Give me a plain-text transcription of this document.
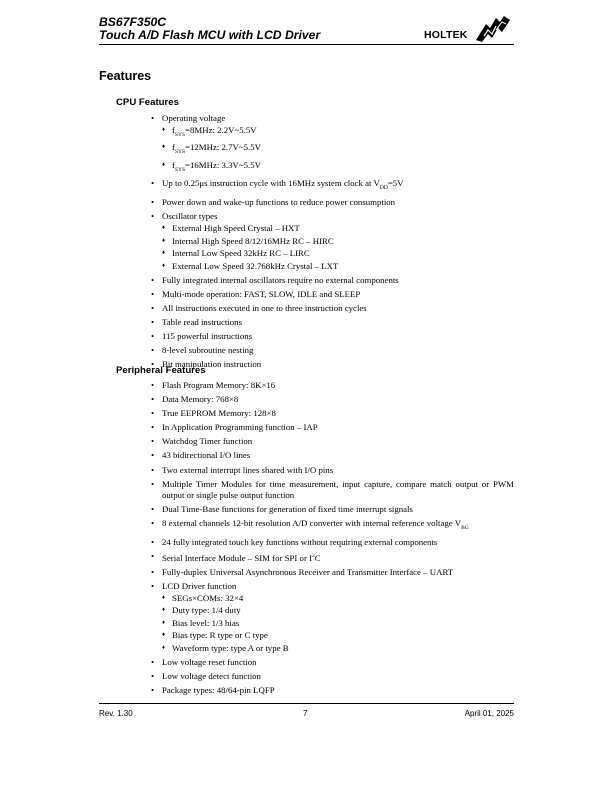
BS67F350C
Touch A/D Flash MCU with LCD Driver	HOLTEK
Features
CPU Features
• Operating voltage
♦ $f_{SYS}=8MHz$: 2.2V~5.5V
♦ $f_{SYS}=12MHz$: 2.7V~5.5V
♦ $f_{SYS}=16MHz$: 3.3V~5.5V
• Up to 0.25μs instruction cycle with 16MHz system clock at $V_{DD}=5V$
• Power down and wake-up functions to reduce power consumption
• Oscillator types
♦ External High Speed Crystal – HXT
♦ Internal High Speed 8/12/16MHz RC – HIRC
♦ Internal Low Speed 32kHz RC – LIRC
♦ External Low Speed 32.768kHz Crystal – LXT
• Fully integrated internal oscillators require no external components
• Multi-mode operation: FAST, SLOW, IDLE and SLEEP
• All instructions executed in one to three instruction cycles
• Table read instructions
• 115 powerful instructions
• 8-level subroutine nesting
• Bit manipulation instruction
Peripheral Features
• Flash Program Memory: 8K×16
• Data Memory: 768×8
• True EEPROM Memory: 128×8
• In Application Programming function – IAP
• Watchdog Timer function
• 43 bidirectional I/O lines
• Two external interrupt lines shared with I/O pins
• Multiple Timer Modules for time measurement, input capture, compare match output or PWM output or single pulse output function
• Dual Time-Base functions for generation of fixed time interrupt signals
• 8 external channels 12-bit resolution A/D converter with internal reference voltage $V_{BG}$
• 24 fully integrated touch key functions without requiring external components
• Serial Interface Module – SIM for SPI or $I^2C$
• Fully-duplex Universal Asynchronous Receiver and Transmitter Interface – UART
• LCD Driver function
♦ SEGs×COMs: 32×4
♦ Duty type: 1/4 duty
♦ Bias level: 1/3 bias
♦ Bias type: R type or C type
♦ Waveform type: type A or type B
• Low voltage reset function
• Low voltage detect function
• Package types: 48/64-pin LQFP
Rev. 1.30	7	April 01, 2025
